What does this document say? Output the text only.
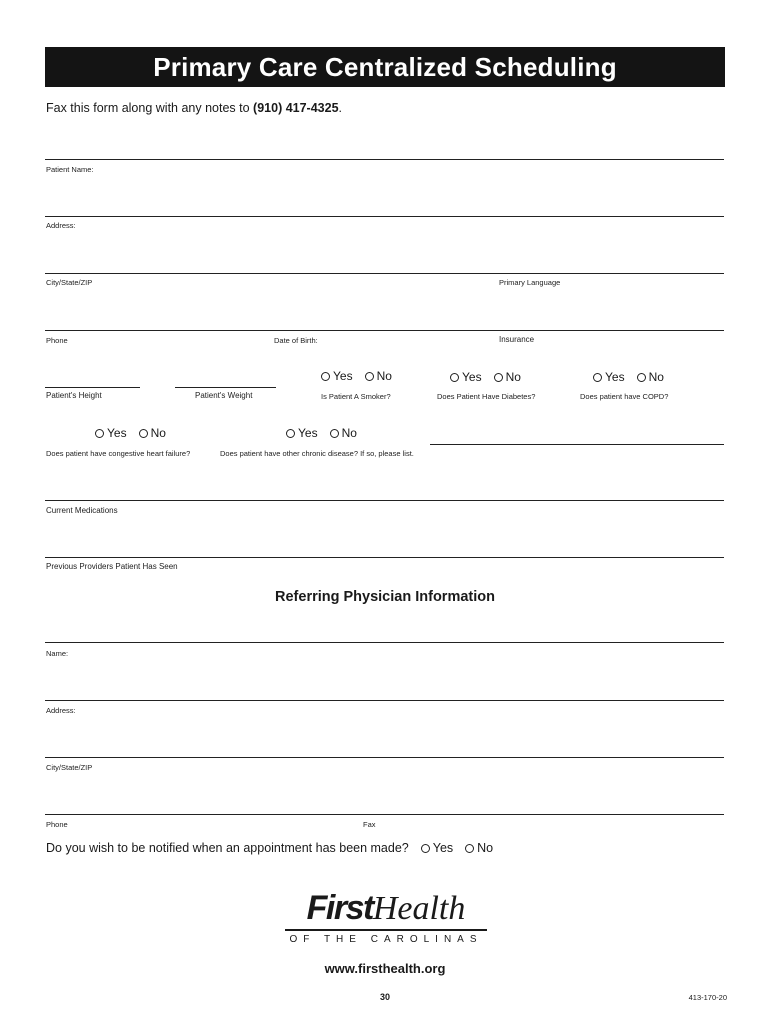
Primary Care Centralized Scheduling
Fax this form along with any notes to (910) 417-4325.
Patient Name:
Address:
City/State/ZIP	Primary Language
Phone	Date of Birth:	Insurance
Patient's Height	Patient's Weight
Yes No
Is Patient A Smoker?
Yes No
Does Patient Have Diabetes?
Yes No
Does patient have COPD?
Yes No
Does patient have congestive heart failure?
Yes No
Does patient have other chronic disease? If so, please list.
Current Medications
Previous Providers Patient Has Seen
Referring Physician Information
Name:
Address:
City/State/ZIP
Phone	Fax
Do you wish to be notified when an appointment has been made? Yes No
FirstHealth
OF THE CAROLINAS
www.firsthealth.org
30	413-170-20
